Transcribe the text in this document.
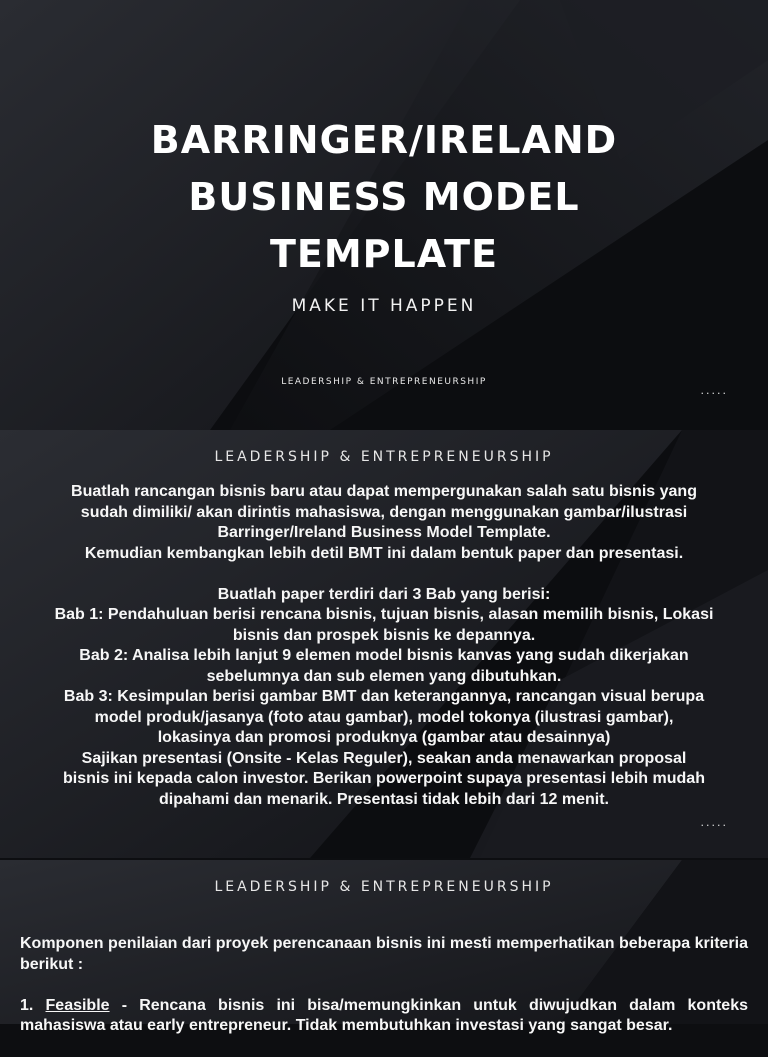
BARRINGER/IRELAND
BUSINESS MODEL
TEMPLATE
MAKE IT HAPPEN
LEADERSHIP & ENTREPRENEURSHIP
.....
LEADERSHIP & ENTREPRENEURSHIP
Buatlah rancangan bisnis baru atau dapat mempergunakan salah satu bisnis yang
sudah dimiliki/ akan dirintis mahasiswa, dengan menggunakan gambar/ilustrasi
Barringer/Ireland Business Model Template.
Kemudian kembangkan lebih detil BMT ini dalam bentuk paper dan presentasi.
Buatlah paper terdiri dari 3 Bab yang berisi:
Bab 1: Pendahuluan berisi rencana bisnis, tujuan bisnis, alasan memilih bisnis, Lokasi
bisnis dan prospek bisnis ke depannya.
Bab 2: Analisa lebih lanjut 9 elemen model bisnis kanvas yang sudah dikerjakan
sebelumnya dan sub elemen yang dibutuhkan.
Bab 3: Kesimpulan berisi gambar BMT dan keterangannya, rancangan visual berupa
model produk/jasanya (foto atau gambar), model tokonya (ilustrasi gambar),
lokasinya dan promosi produknya (gambar atau desainnya)
Sajikan presentasi (Onsite - Kelas Reguler), seakan anda menawarkan proposal
bisnis ini kepada calon investor. Berikan powerpoint supaya presentasi lebih mudah
dipahami dan menarik. Presentasi tidak lebih dari 12 menit.
.....
LEADERSHIP & ENTREPRENEURSHIP

Komponen penilaian dari proyek perencanaan bisnis ini mesti memperhatikan beberapa kriteria berikut :

1. Feasible - Rencana bisnis ini bisa/memungkinkan untuk diwujudkan dalam konteks mahasiswa atau early entrepreneur. Tidak membutuhkan investasi yang sangat besar.
